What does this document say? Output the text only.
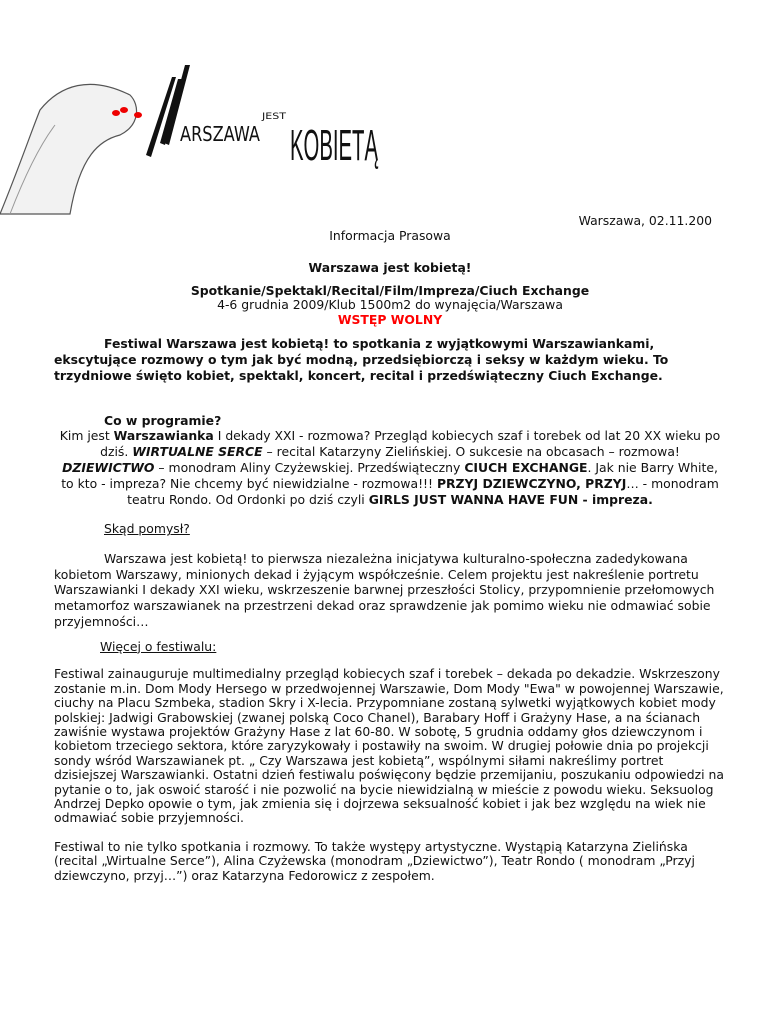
ARSZAWA
JEST
KOBIETĄ
Warszawa, 02.11.200
Informacja Prasowa
Warszawa jest kobietą!
Spotkanie/Spektakl/Recital/Film/Impreza/Ciuch Exchange
4-6 grudnia 2009/Klub 1500m2 do wynajęcia/Warszawa
WSTĘP WOLNY
Festiwal Warszawa jest kobietą! to spotkania z wyjątkowymi Warszawiankami, ekscytujące rozmowy o tym jak być modną, przedsiębiorczą i seksy w każdym wieku. To trzydniowe święto kobiet, spektakl, koncert, recital i przedświąteczny Ciuch Exchange.
Co w programie?
Kim jest Warszawianka I dekady XXI - rozmowa? Przegląd kobiecych szaf i torebek od lat 20 XX wieku po dziś. WIRTUALNE SERCE – recital Katarzyny Zielińskiej. O sukcesie na obcasach – rozmowa! DZIEWICTWO – monodram Aliny Czyżewskiej. Przedświąteczny CIUCH EXCHANGE. Jak nie Barry White, to kto - impreza? Nie chcemy być niewidzialne - rozmowa!!! PRZYJ DZIEWCZYNO, PRZYJ… - monodram teatru Rondo. Od Ordonki po dziś czyli GIRLS JUST WANNA HAVE FUN - impreza.
Skąd pomysł?
Warszawa jest kobietą! to pierwsza niezależna inicjatywa kulturalno-społeczna zadedykowana kobietom Warszawy, minionych dekad i żyjącym współcześnie. Celem projektu jest nakreślenie portretu Warszawianki I dekady XXI wieku, wskrzeszenie barwnej przeszłości Stolicy, przypomnienie przełomowych metamorfoz warszawianek na przestrzeni dekad oraz sprawdzenie jak pomimo wieku nie odmawiać sobie przyjemności…
Więcej o festiwalu:
Festiwal zainauguruje multimedialny przegląd kobiecych szaf i torebek – dekada po dekadzie. Wskrzeszony zostanie m.in. Dom Mody Hersego w przedwojennej Warszawie, Dom Mody "Ewa" w powojennej Warszawie, ciuchy na Placu Szmbeka, stadion Skry i X-lecia. Przypomniane zostaną sylwetki wyjątkowych kobiet mody polskiej: Jadwigi Grabowskiej (zwanej polską Coco Chanel), Barabary Hoff i Grażyny Hase, a na ścianach zawiśnie wystawa projektów Grażyny Hase z lat 60-80. W sobotę, 5 grudnia oddamy głos dziewczynom i kobietom trzeciego sektora, które zaryzykowały i postawiły na swoim. W drugiej połowie dnia po projekcji sondy wśród Warszawianek pt. „ Czy Warszawa jest kobietą”, wspólnymi siłami nakreślimy portret dzisiejszej Warszawianki. Ostatni dzień festiwalu poświęcony będzie przemijaniu, poszukaniu odpowiedzi na pytanie o to, jak oswoić starość i nie pozwolić na bycie niewidzialną w mieście z powodu wieku. Seksuolog Andrzej Depko opowie o tym, jak zmienia się i dojrzewa seksualność kobiet i jak bez względu na wiek nie odmawiać sobie przyjemności.
Festiwal to nie tylko spotkania i rozmowy. To także występy artystyczne. Wystąpią Katarzyna Zielińska (recital „Wirtualne Serce”), Alina Czyżewska (monodram „Dziewictwo”), Teatr Rondo ( monodram „Przyj dziewczyno, przyj…”) oraz Katarzyna Fedorowicz z zespołem.
